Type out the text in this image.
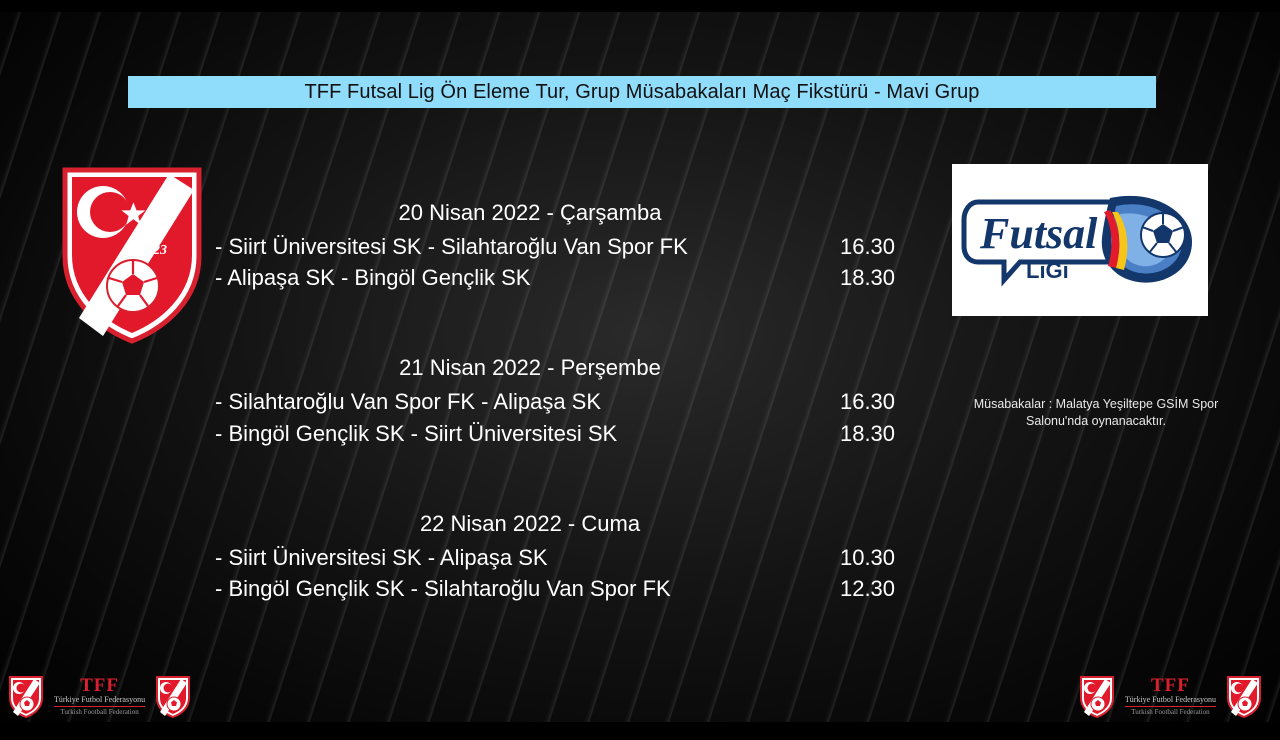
TFF Futsal Lig Ön Eleme Tur, Grup Müsabakaları Maç Fikstürü - Mavi Grup
1923	Futsal
LiGi
Müsabakalar : Malatya Yeşiltepe GSİM Spor Salonu'nda oynanacaktır.
20 Nisan 2022 - Çarşamba
- Siirt Üniversitesi SK - Silahtaroğlu Van Spor FK	16.30
- Alipaşa SK - Bingöl Gençlik SK	18.30
21 Nisan 2022 - Perşembe
- Silahtaroğlu Van Spor FK - Alipaşa SK	16.30
- Bingöl Gençlik SK - Siirt Üniversitesi SK	18.30
22 Nisan 2022 - Cuma
- Siirt Üniversitesi SK - Alipaşa SK	10.30
- Bingöl Gençlik SK - Silahtaroğlu Van Spor FK	12.30
TFF
Türkiye Futbol Federasyonu
Turkish Football Federation
TFF
Türkiye Futbol Federasyonu
Turkish Football Federation
